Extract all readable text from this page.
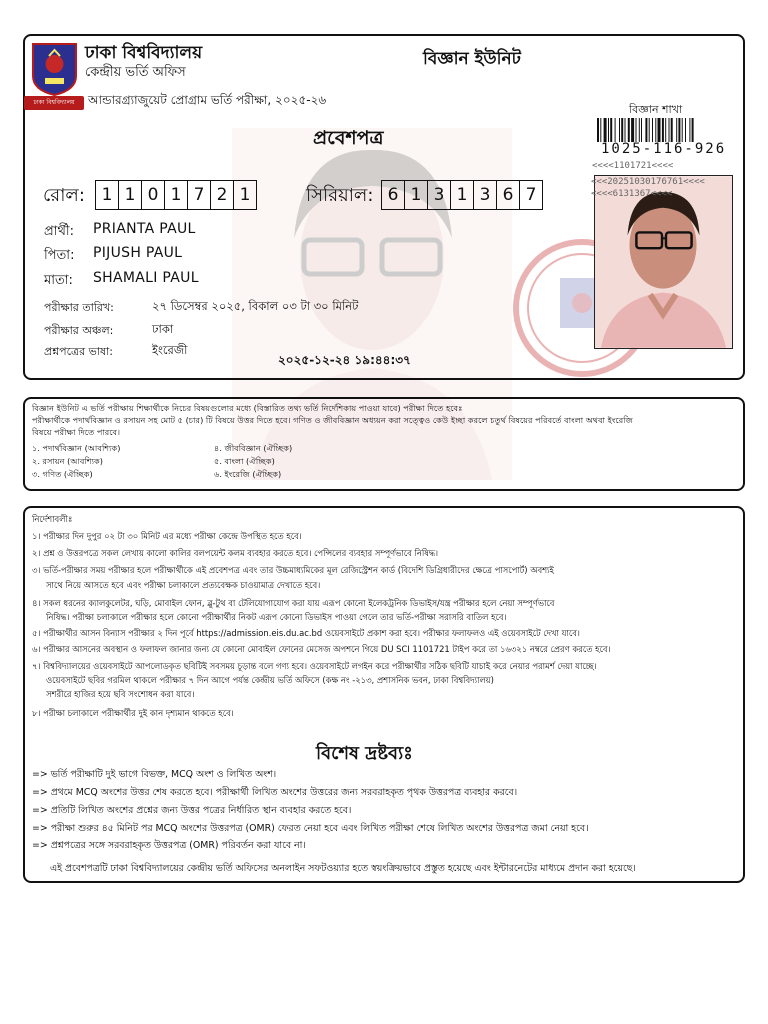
ঢাকা বিশ্ববিদ্যালয়
ঢাকা বিশ্ববিদ্যালয়
কেন্দ্রীয় ভর্তি অফিস
বিজ্ঞান ইউনিট
আন্ডারগ্র্যাজুয়েট প্রোগ্রাম ভর্তি পরীক্ষা, ২০২৫-২৬
বিজ্ঞান শাখা
1025-116-926
<<<<1101721<<<<
<<<20251030176761<<<<
<<<<6131367<<<<
প্রবেশপত্র
রোল: 1 1 0 1 7 2 1	সিরিয়াল: 6 1 3 1 3 6 7
প্রার্থী: PRIANTA PAUL
পিতা: PIJUSH PAUL
মাতা: SHAMALI PAUL
পরীক্ষার তারিখ:	২৭ ডিসেম্বর ২০২৫, বিকাল ০৩ টা ৩০ মিনিট
পরীক্ষার অঞ্চল:	ঢাকা
প্রশ্নপত্রের ভাষা:	ইংরেজী
২০২৫-১২-২৪ ১৯:৪৪:৩৭
বিজ্ঞান ইউনিট এ ভর্তি পরীক্ষায় শিক্ষার্থীকে নিচের বিষয়গুলোর মধ্যে (বিস্তারিত তথ্য ভর্তি নির্দেশিকায় পাওয়া যাবে) পরীক্ষা দিতে হবেঃ
পরীক্ষার্থীকে পদার্থবিজ্ঞান ও রসায়ন সহ মোট ৫ (চার) টি বিষয়ে উত্তর দিতে হবে। গণিত ও জীববিজ্ঞান অধ্যয়ন করা সত্ত্বেও কেউ ইচ্ছা করলে চতুর্থ বিষয়ের পরিবর্তে বাংলা অথবা ইংরেজি
বিষয়ে পরীক্ষা দিতে পারবে।
১. পদার্থবিজ্ঞান (আবশ্যিক)
২. রসায়ন (আবশ্যিক)
৩. গণিত (ঐচ্ছিক)
৪. জীববিজ্ঞান (ঐচ্ছিক)
৫. বাংলা (ঐচ্ছিক)
৬. ইংরেজি (ঐচ্ছিক)
নির্দেশাবলীঃ
১। পরীক্ষার দিন দুপুর ০২ টা ৩০ মিনিট এর মধ্যে পরীক্ষা কেন্দ্রে উপস্থিত হতে হবে।
২। প্রশ্ন ও উত্তরপত্রে সকল লেখায় কালো কালির বলপয়েন্ট কলম ব্যবহার করতে হবে। পেন্সিলের ব্যবহার সম্পূর্ণভাবে নিষিদ্ধ।
৩। ভর্তি-পরীক্ষার সময় পরীক্ষার হলে পরীক্ষার্থীকে এই প্রবেশপত্র এবং তার উচ্চমাধ্যমিকের মূল রেজিস্ট্রেশন কার্ড (বিদেশি ডিগ্রিধারীদের ক্ষেত্রে পাসপোর্ট) অবশ্যই
সাথে নিয়ে আসতে হবে এবং পরীক্ষা চলাকালে প্রত্যবেক্ষক চাওয়ামাত্র দেখাতে হবে।
৪। সকল ধরনের ক্যালকুলেটর, ঘড়ি, মোবাইল ফোন, ব্লু-টুথ বা টেলিযোগাযোগ করা যায় এরূপ কোনো ইলেকট্রনিক ডিভাইস/যন্ত্র পরীক্ষার হলে নেয়া সম্পূর্ণভাবে
নিষিদ্ধ। পরীক্ষা চলাকালে পরীক্ষার হলে কোনো পরীক্ষার্থীর নিকট এরূপ কোনো ডিভাইস পাওয়া গেলে তার ভর্তি-পরীক্ষা সরাসরি বাতিল হবে।
৫। পরীক্ষার্থীর আসন বিন্যাস পরীক্ষার ২ দিন পূর্বে https://admission.eis.du.ac.bd ওয়েবসাইটে প্রকাশ করা হবে। পরীক্ষার ফলাফলও এই ওয়েবসাইটে দেখা যাবে।
৬। পরীক্ষার আসনের অবস্থান ও ফলাফল জানার জন্য যে কোনো মোবাইল ফোনের মেসেজ অপশনে গিয়ে DU SCI 1101721 টাইপ করে তা ১৬৩২১ নম্বরে প্রেরণ করতে হবে।
৭। বিশ্ববিদ্যালয়ের ওয়েবসাইটে আপলোডকৃত ছবিটিই সবসময় চূড়ান্ত বলে গণ্য হবে। ওয়েবসাইটে লগইন করে পরীক্ষার্থীর সঠিক ছবিটি যাচাই করে নেয়ার পরামর্শ দেয়া যাচ্ছে।
ওয়েবসাইটে ছবির গরমিল থাকলে পরীক্ষার ৭ দিন আগে পর্যন্ত কেন্দ্রীয় ভর্তি অফিসে (কক্ষ নং -২১৩, প্রশাসনিক ভবন, ঢাকা বিশ্ববিদ্যালয়)
সশরীরে হাজির হয়ে ছবি সংশোধন করা যাবে।
৮। পরীক্ষা চলাকালে পরীক্ষার্থীর দুই কান দৃশ্যমান থাকতে হবে।
বিশেষ দ্রষ্টব্যঃ
=> ভর্তি পরীক্ষাটি দুই ভাগে বিভক্ত, MCQ অংশ ও লিখিত অংশ।
=> প্রথমে MCQ অংশের উত্তর শেষ করতে হবে। পরীক্ষার্থী লিখিত অংশের উত্তরের জন্য সরবরাহকৃত পৃথক উত্তরপত্র ব্যবহার করবে।
=> প্রতিটি লিখিত অংশের প্রশ্নের জন্য উত্তর পত্রের নির্ধারিত স্থান ব্যবহার করতে হবে।
=> পরীক্ষা শুরুর ৪৫ মিনিট পর MCQ অংশের উত্তরপত্র (OMR) ফেরত নেয়া হবে এবং লিখিত পরীক্ষা শেষে লিখিত অংশের উত্তরপত্র জমা নেয়া হবে।
=> প্রশ্নপত্রের সঙ্গে সরবরাহকৃত উত্তরপত্র (OMR) পরিবর্তন করা যাবে না।
এই প্রবেশপত্রটি ঢাকা বিশ্ববিদ্যালয়ের কেন্দ্রীয় ভর্তি অফিসের অনলাইন সফটওয়্যার হতে স্বয়ংক্রিয়ভাবে প্রস্তুত হয়েছে এবং ইন্টারনেটের মাধ্যমে প্রদান করা হয়েছে।
